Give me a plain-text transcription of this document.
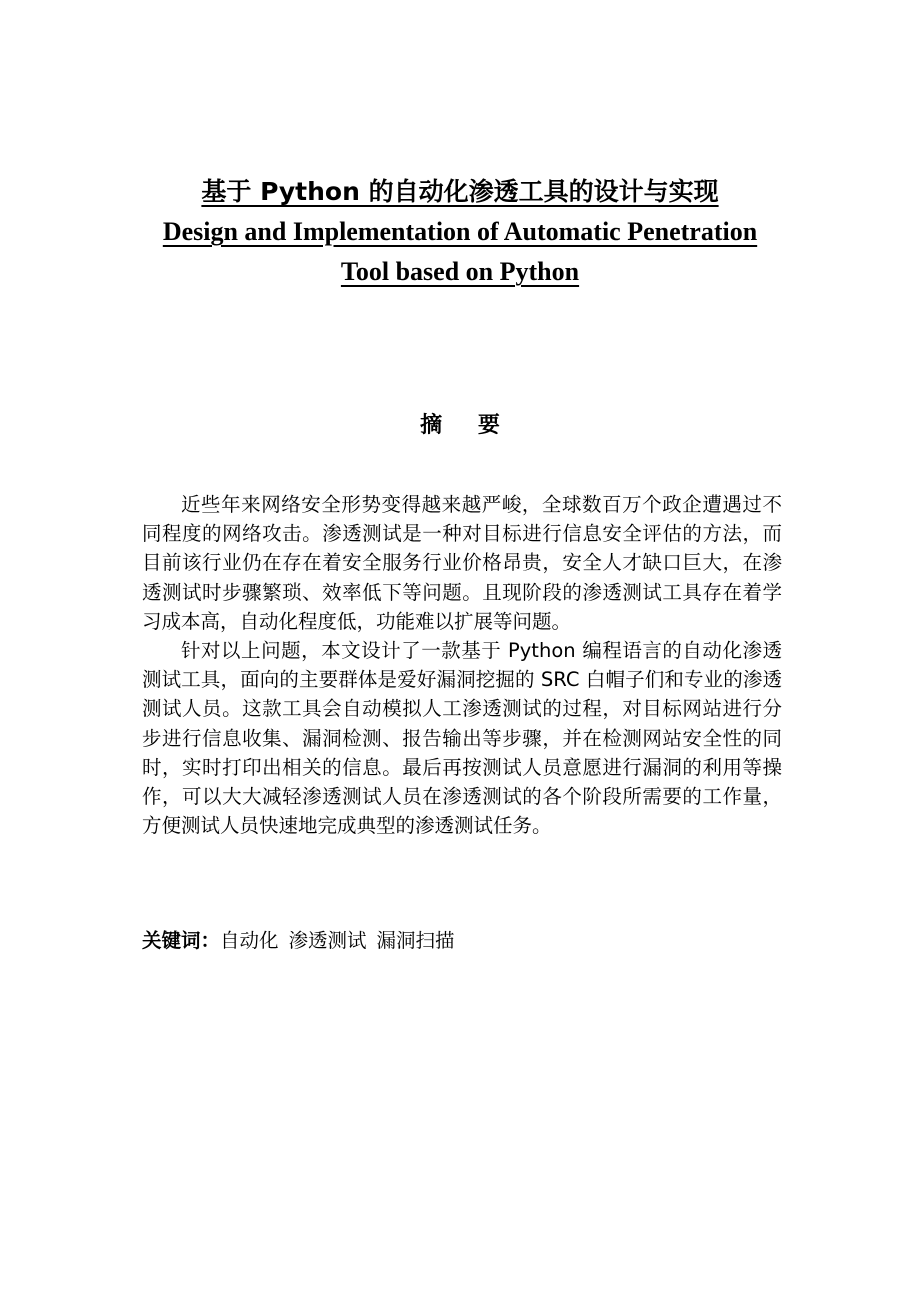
基于 Python 的自动化渗透工具的设计与实现
Design and Implementation of Automatic Penetration
Tool based on Python
摘 要

近些年来网络安全形势变得越来越严峻，全球数百万个政企遭遇过不同程度的网络攻击。渗透测试是一种对目标进行信息安全评估的方法，而目前该行业仍在存在着安全服务行业价格昂贵，安全人才缺口巨大，在渗透测试时步骤繁琐、效率低下等问题。且现阶段的渗透测试工具存在着学习成本高，自动化程度低，功能难以扩展等问题。

针对以上问题，本文设计了一款基于 Python 编程语言的自动化渗透测试工具，面向的主要群体是爱好漏洞挖掘的 SRC 白帽子们和专业的渗透测试人员。这款工具会自动模拟人工渗透测试的过程，对目标网站进行分步进行信息收集、漏洞检测、报告输出等步骤，并在检测网站安全性的同时，实时打印出相关的信息。最后再按测试人员意愿进行漏洞的利用等操作，可以大大减轻渗透测试人员在渗透测试的各个阶段所需要的工作量，方便测试人员快速地完成典型的渗透测试任务。

关键词：自动化 渗透测试 漏洞扫描
